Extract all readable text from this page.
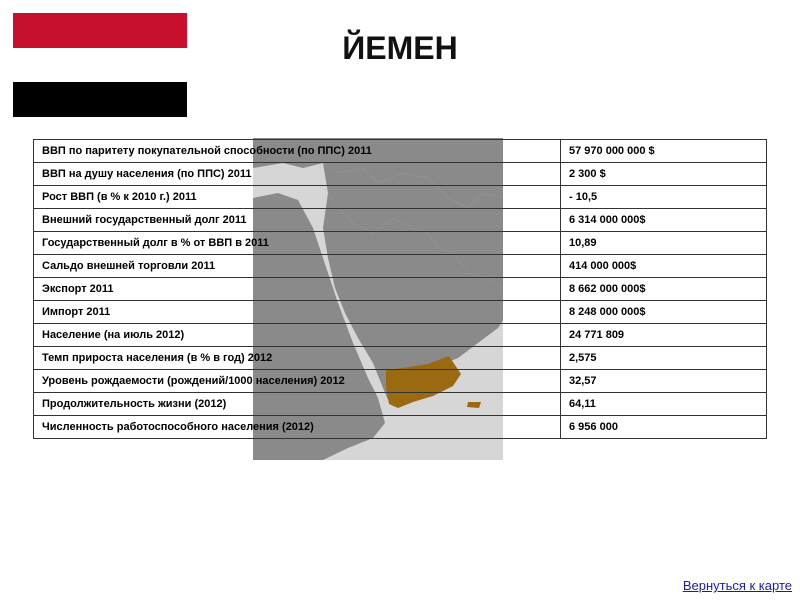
ЙЕМЕН
ВВП по паритету покупательной способности (по ППС) 2011	57 970 000 000 $
ВВП на душу населения (по ППС) 2011	2 300 $
Рост ВВП (в % к 2010 г.) 2011	- 10,5
Внешний государственный долг 2011	6 314 000 000$
Государственный долг в % от ВВП в 2011	10,89
Сальдо внешней торговли 2011	414 000 000$
Экспорт 2011	8 662 000 000$
Импорт 2011	8 248 000 000$
Население (на июль 2012)	24 771 809
Темп прироста населения (в % в год) 2012	2,575
Уровень рождаемости (рождений/1000 населения) 2012	32,57
Продолжительность жизни (2012)	64,11
Численность работоспособного населения (2012)	6 956 000
Вернуться к карте
